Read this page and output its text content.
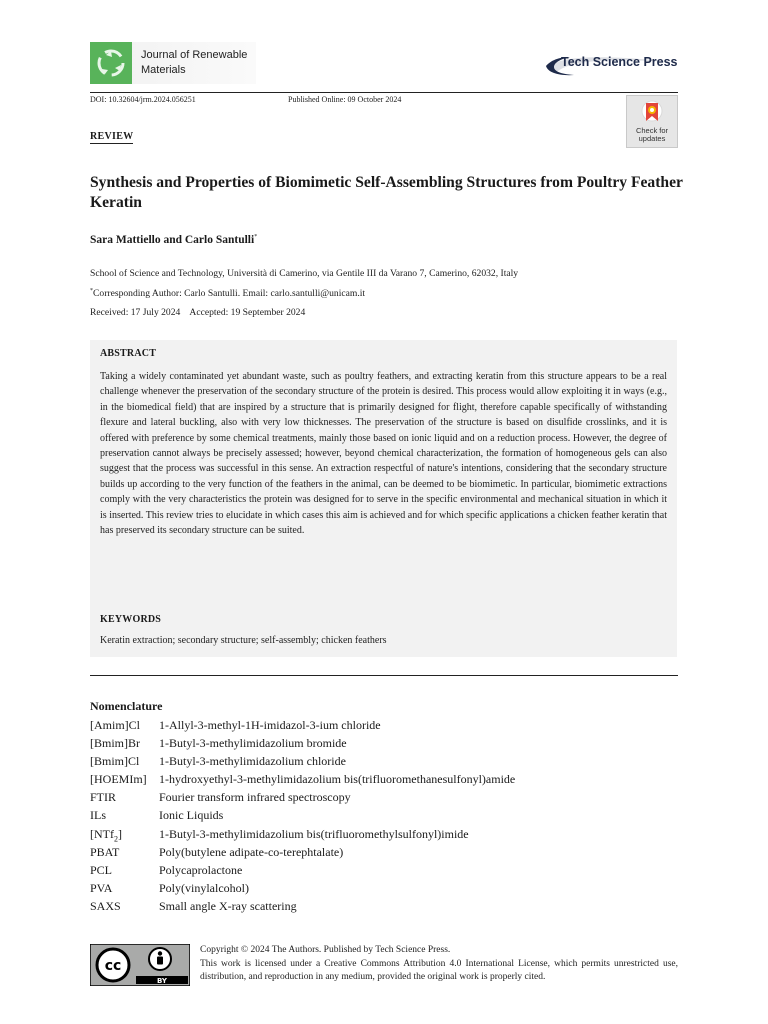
Journal of Renewable
Materials
Tech Science Press
DOI: 10.32604/jrm.2024.056251	Published Online: 09 October 2024
Check for
updates
REVIEW
Synthesis and Properties of Biomimetic Self-Assembling Structures from Poultry Feather Keratin
Sara Mattiello and Carlo Santulli*
School of Science and Technology, Università di Camerino, via Gentile III da Varano 7, Camerino, 62032, Italy
*Corresponding Author: Carlo Santulli. Email: carlo.santulli@unicam.it
Received: 17 July 2024    Accepted: 19 September 2024
ABSTRACT
Taking a widely contaminated yet abundant waste, such as poultry feathers, and extracting keratin from this structure appears to be a real challenge whenever the preservation of the secondary structure of the protein is desired. This process would allow exploiting it in ways (e.g., in the biomedical field) that are inspired by a structure that is primarily designed for flight, therefore capable specifically of withstanding flexure and lateral buckling, also with very low thicknesses. The preservation of the structure is based on disulfide crosslinks, and it is offered with preference by some chemical treatments, mainly those based on ionic liquid and on a reduction process. However, the degree of preservation cannot always be precisely assessed; however, beyond chemical characterization, the formation of homogeneous gels can also suggest that the process was successful in this sense. An extraction respectful of nature's intentions, considering that the secondary structure builds up according to the very function of the feathers in the animal, can be deemed to be biomimetic. In particular, biomimetic extractions comply with the very characteristics the protein was designed for to serve in the specific environmental and mechanical situation in which it is inserted. This review tries to elucidate in which cases this aim is achieved and for which specific applications a chicken feather keratin that has preserved its secondary structure can be suited.
KEYWORDS
Keratin extraction; secondary structure; self-assembly; chicken feathers
Nomenclature
[Amim]Cl 1-Allyl-3-methyl-1H-imidazol-3-ium chloride
[Bmim]Br 1-Butyl-3-methylimidazolium bromide
[Bmim]Cl 1-Butyl-3-methylimidazolium chloride
[HOEMIm] 1-hydroxyethyl-3-methylimidazolium bis(trifluoromethanesulfonyl)amide
FTIR	Fourier transform infrared spectroscopy
ILs	Ionic Liquids
[NTf$_2$]	1-Butyl-3-methylimidazolium bis(trifluoromethylsulfonyl)imide
PBAT	Poly(butylene adipate-co-terephtalate)
PCL	Polycaprolactone
PVA	Poly(vinylalcohol)
SAXS	Small angle X-ray scattering
cc
BY
Copyright © 2024 The Authors. Published by Tech Science Press.
This work is licensed under a Creative Commons Attribution 4.0 International License, which permits unrestricted use, distribution, and reproduction in any medium, provided the original work is properly cited.
